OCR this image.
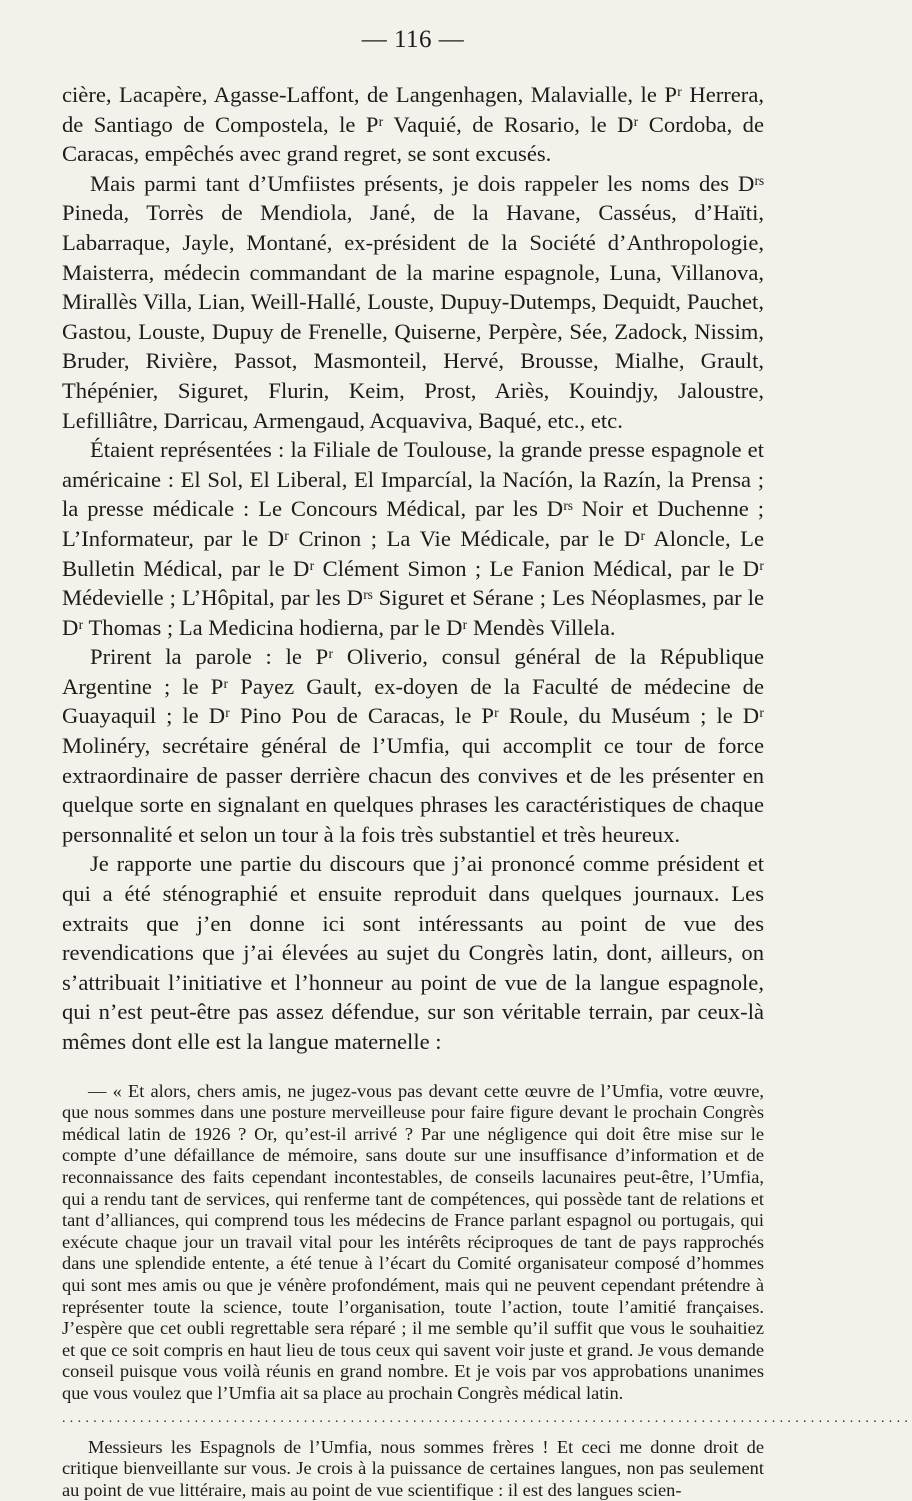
— 116 —

cière, Lacapère, Agasse-Laffont, de Langenhagen, Malavialle, le Pʳ Herrera, de Santiago de Compostela, le Pʳ Vaquié, de Rosario, le Dʳ Cordoba, de Caracas, empêchés avec grand regret, se sont excusés.

Mais parmi tant d’Umfiistes présents, je dois rappeler les noms des Dʳˢ Pineda, Torrès de Mendiola, Jané, de la Havane, Casséus, d’Haïti, Labarraque, Jayle, Montané, ex-président de la Société d’Anthropologie, Maisterra, médecin commandant de la marine espagnole, Luna, Villanova, Mirallès Villa, Lian, Weill-Hallé, Louste, Dupuy-Dutemps, Dequidt, Pauchet, Gastou, Louste, Dupuy de Frenelle, Quiserne, Perpère, Sée, Zadock, Nissim, Bruder, Rivière, Passot, Masmonteil, Hervé, Brousse, Mialhe, Grault, Thépénier, Siguret, Flurin, Keim, Prost, Ariès, Kouindjy, Jaloustre, Lefilliâtre, Darricau, Armengaud, Acquaviva, Baqué, etc., etc.

Étaient représentées : la Filiale de Toulouse, la grande presse espagnole et américaine : El Sol, El Liberal, El Imparcíal, la Nacíón, la Razín, la Prensa ; la presse médicale : Le Concours Médical, par les Dʳˢ Noir et Duchenne ; L’Informateur, par le Dʳ Crinon ; La Vie Médicale, par le Dʳ Aloncle, Le Bulletin Médical, par le Dʳ Clément Simon ; Le Fanion Médical, par le Dʳ Médevielle ; L’Hôpital, par les Dʳˢ Siguret et Sérane ; Les Néoplasmes, par le Dʳ Thomas ; La Medicina hodierna, par le Dʳ Mendès Villela.

Prirent la parole : le Pʳ Oliverio, consul général de la République Argentine ; le Pʳ Payez Gault, ex-doyen de la Faculté de médecine de Guayaquil ; le Dʳ Pino Pou de Caracas, le Pʳ Roule, du Muséum ; le Dʳ Molinéry, secrétaire général de l’Umfia, qui accomplit ce tour de force extraordinaire de passer derrière chacun des convives et de les présenter en quelque sorte en signalant en quelques phrases les caractéristiques de chaque personnalité et selon un tour à la fois très substantiel et très heureux.

Je rapporte une partie du discours que j’ai prononcé comme président et qui a été sténographié et ensuite reproduit dans quelques journaux. Les extraits que j’en donne ici sont intéressants au point de vue des revendications que j’ai élevées au sujet du Congrès latin, dont, ailleurs, on s’attribuait l’initiative et l’honneur au point de vue de la langue espagnole, qui n’est peut-être pas assez défendue, sur son véritable terrain, par ceux-là mêmes dont elle est la langue maternelle :

— « Et alors, chers amis, ne jugez-vous pas devant cette œuvre de l’Umfia, votre œuvre, que nous sommes dans une posture merveilleuse pour faire figure devant le prochain Congrès médical latin de 1926 ? Or, qu’est-il arrivé ? Par une négligence qui doit être mise sur le compte d’une défaillance de mémoire, sans doute sur une insuffisance d’information et de reconnaissance des faits cependant incontestables, de conseils lacunaires peut-être, l’Umfia, qui a rendu tant de services, qui renferme tant de compétences, qui possède tant de relations et tant d’alliances, qui comprend tous les médecins de France parlant espagnol ou portugais, qui exécute chaque jour un travail vital pour les intérêts réciproques de tant de pays rapprochés dans une splendide entente, a été tenue à l’écart du Comité organisateur composé d’hommes qui sont mes amis ou que je vénère profondément, mais qui ne peuvent cependant prétendre à représenter toute la science, toute l’organisation, toute l’action, toute l’amitié françaises. J’espère que cet oubli regrettable sera réparé ; il me semble qu’il suffit que vous le souhaitiez et que ce soit compris en haut lieu de tous ceux qui savent voir juste et grand. Je vous demande conseil puisque vous voilà réunis en grand nombre. Et je vois par vos approbations unanimes que vous voulez que l’Umfia ait sa place au prochain Congrès médical latin.

.............................................................................................................

Messieurs les Espagnols de l’Umfia, nous sommes frères ! Et ceci me donne droit de critique bienveillante sur vous. Je crois à la puissance de certaines langues, non pas seulement au point de vue littéraire, mais au point de vue scientifique : il est des langues scien-
